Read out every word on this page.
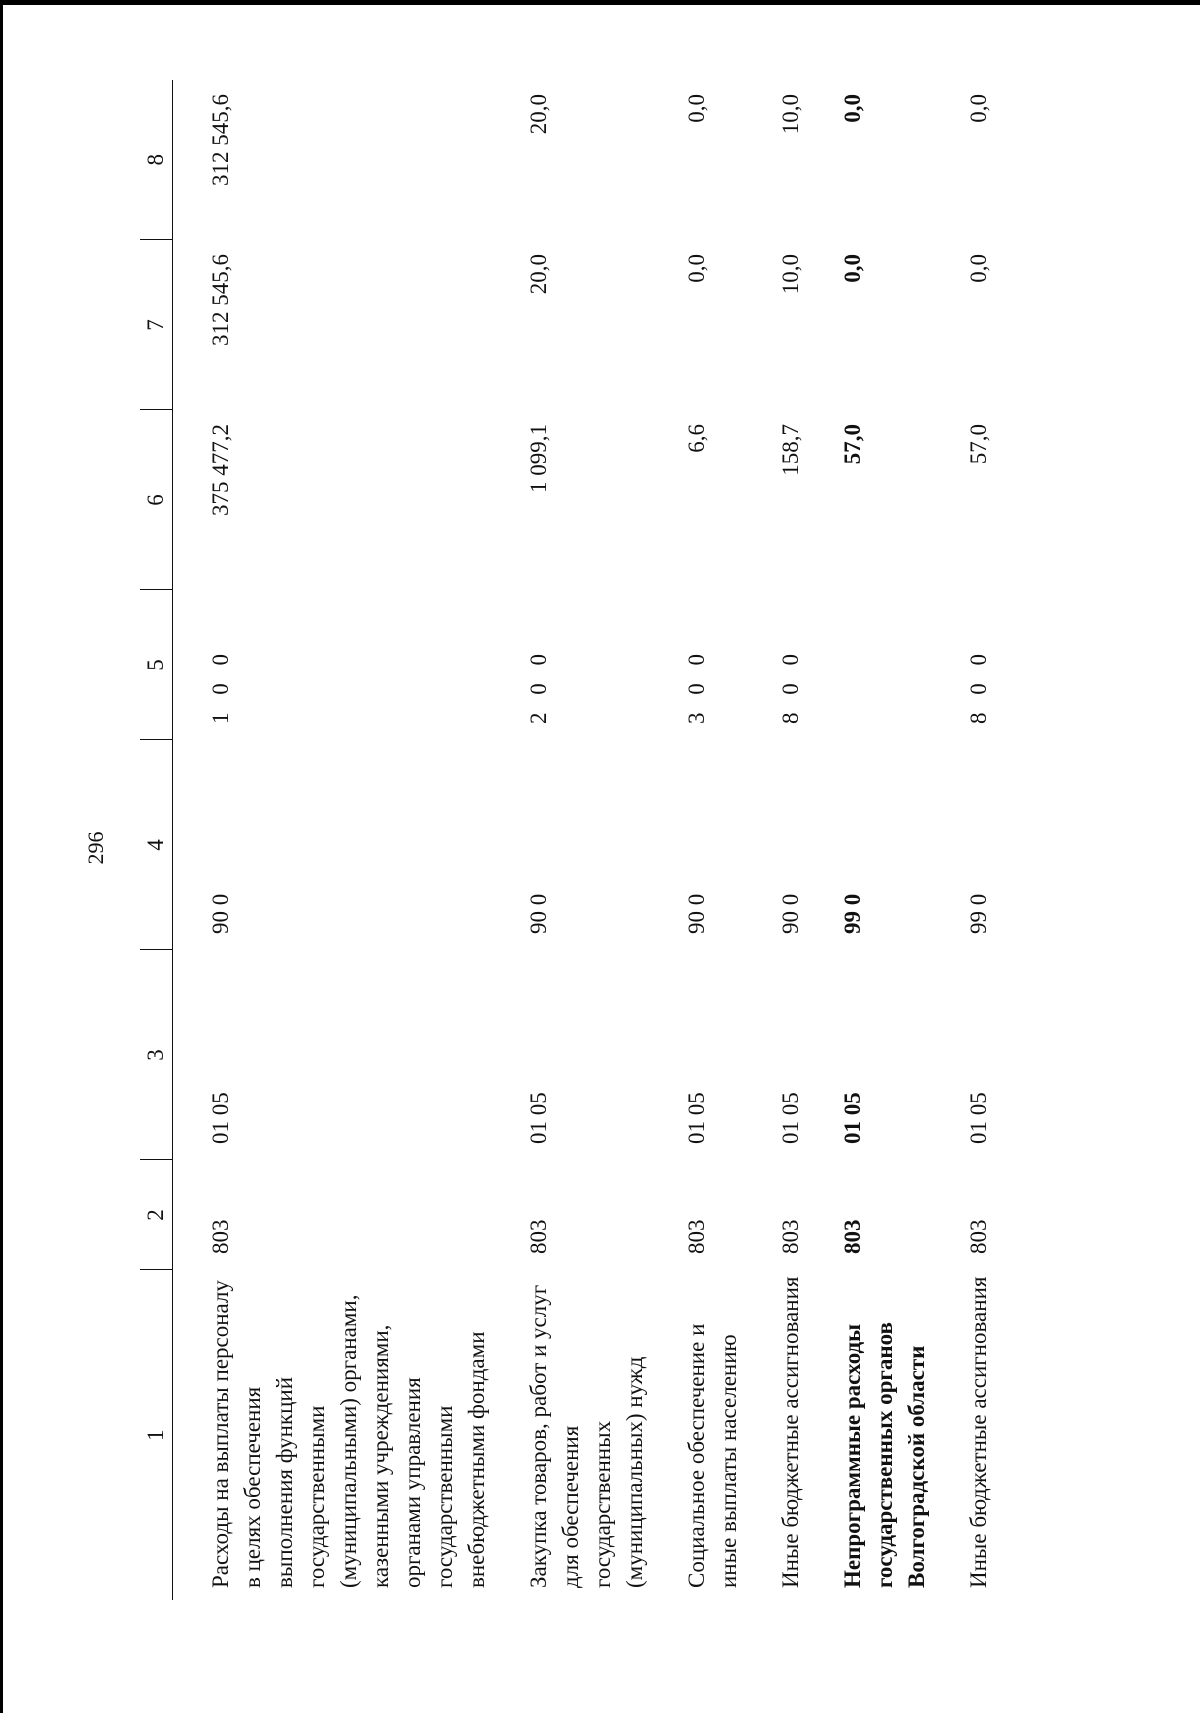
296
1	2	3	4	5	6	7	8
Расходы на выплаты персоналу в целях обеспечения выполнения функций государственными (муниципальными) органами, казенными учреждениями, органами управления государственными внебюджетными фондами	803	01 05	90 0	1 0 0	375 477,2	312 545,6	312 545,6
Закупка товаров, работ и услуг для обеспечения государственных (муниципальных) нужд	803	01 05	90 0	2 0 0	1 099,1	20,0	20,0
Социальное обеспечение и иные выплаты населению	803	01 05	90 0	3 0 0	6,6	0,0	0,0
Иные бюджетные ассигнования	803	01 05	90 0	8 0 0	158,7	10,0	10,0
Непрограммные расходы государственных органов Волгоградской области	803	01 05	99 0		57,0	0,0	0,0
Иные бюджетные ассигнования	803	01 05	99 0	8 0 0	57,0	0,0	0,0
